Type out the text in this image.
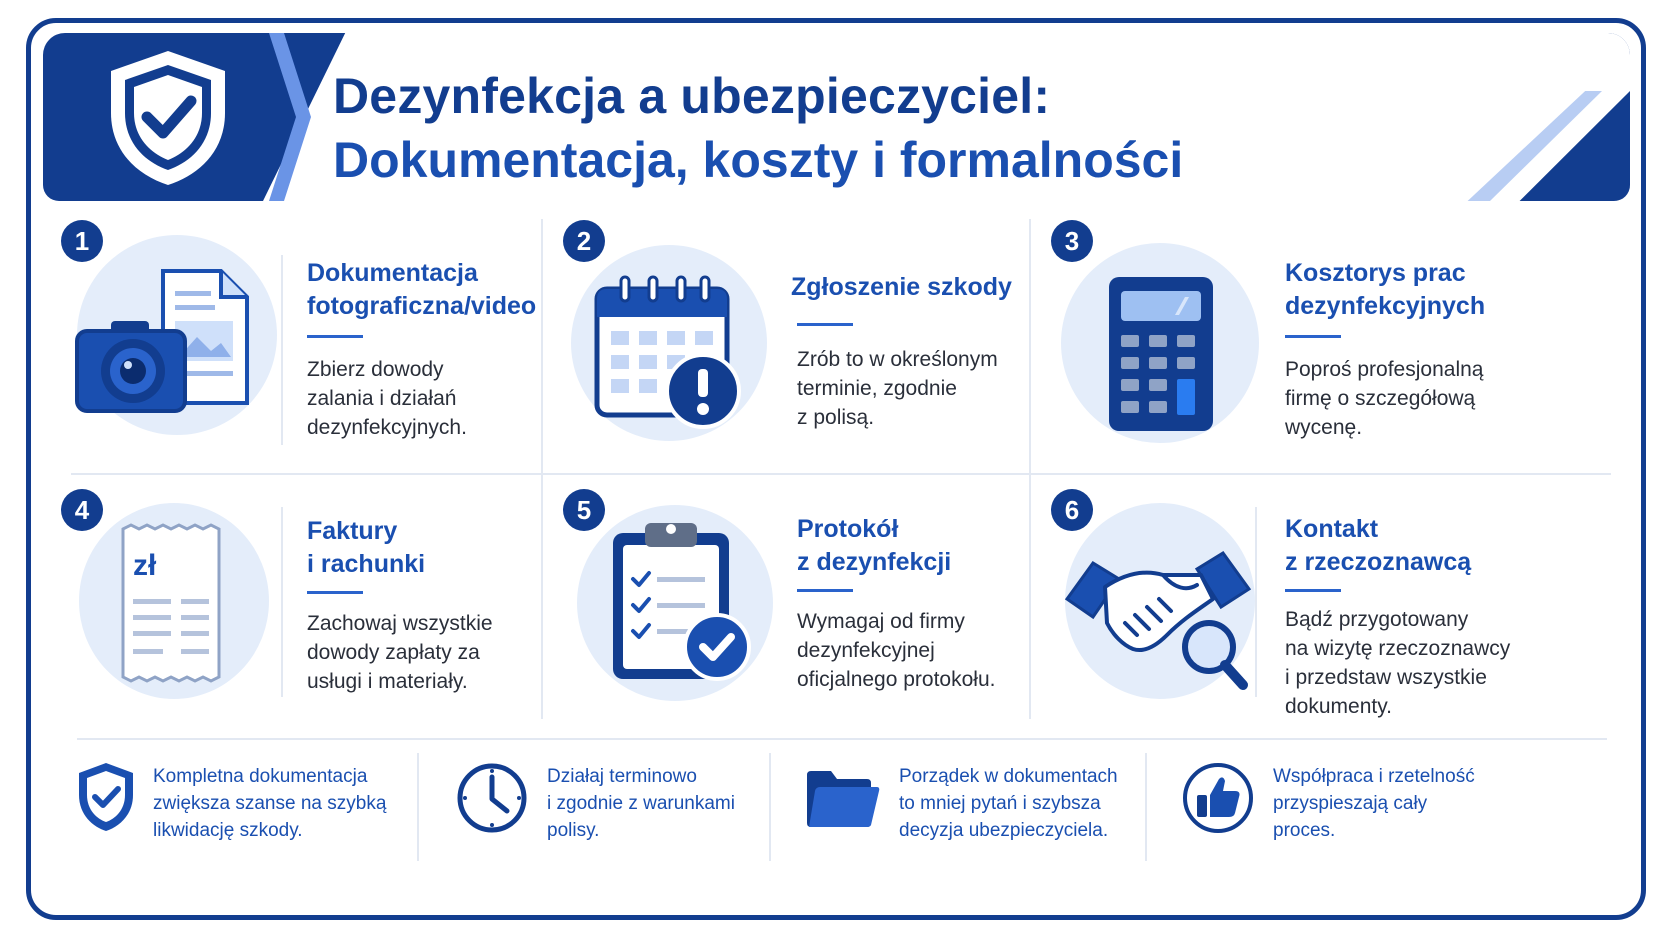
Dezynfekcja a ubezpieczyciel:
Dokumentacja, koszty i formalności
1
Dokumentacja
fotograficzna/video
Zbierz dowody
zalania i działań
dezynfekcyjnych.
2
Zgłoszenie szkody
Zrób to w określonym
terminie, zgodnie
z polisą.
3
Kosztorys prac
dezynfekcyjnych
Poproś profesjonalną
firmę o szczegółową
wycenę.
4
zł
Faktury
i rachunki
Zachowaj wszystkie
dowody zapłaty za
usługi i materiały.
5
Protokół
z dezynfekcji
Wymagaj od firmy
dezynfekcyjnej
oficjalnego protokołu.
6
Kontakt
z rzeczoznawcą
Bądź przygotowany
na wizytę rzeczoznawcy
i przedstaw wszystkie
dokumenty.
Kompletna dokumentacja
zwiększa szanse na szybką
likwidację szkody.
Działaj terminowo
i zgodnie z warunkami
polisy.
Porządek w dokumentach
to mniej pytań i szybsza
decyzja ubezpieczyciela.
Współpraca i rzetelność
przyspieszają cały
proces.
